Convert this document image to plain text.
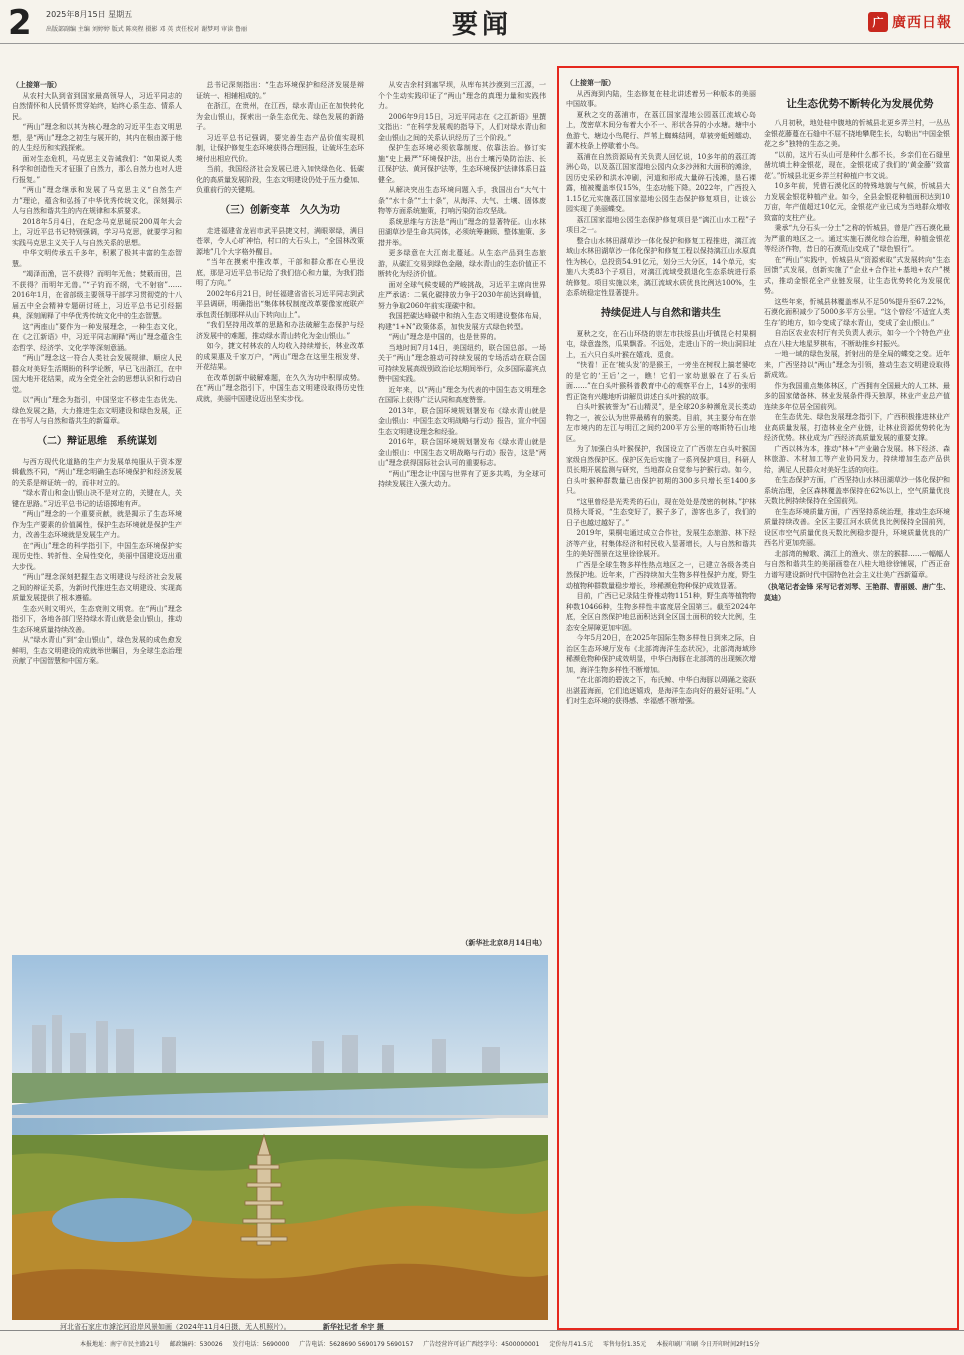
2 2025年8月15日 星期五
出版部副编 主编 刘婷婷 版式 陈奕程 摄影 邓 英 责任校对 谢梦珂 审读 鲁丽	要闻	广 廣西日報
（上接第一版）

从农村大队到省到国家最高领导人，习近平同志的自然情怀和人民情怀贯穿始终，始终心系生态、情系人民。

“两山”理念和以其为核心理念的习近平生态文明思想，是“两山”理念之初生与展开的，其内在根由源于他的人生经历和实践探索。

面对生态危机，马克思主义告诫我们：“如果说人类科学和创造性天才征服了自然力，那么自然力也对人进行报复。”

“两山”理念继承和发展了马克思主义“自然生产力”理论，蕴含和弘扬了中华优秀传统文化，深刻揭示人与自然和谐共生的内在规律和本质要求。

2018年5月4日，在纪念马克思诞辰200周年大会上，习近平总书记特别强调，学习马克思，就要学习和实践马克思主义关于人与自然关系的思想。

中华文明传承五千多年，积累了极其丰富的生态智慧。

“竭泽而渔，岂不获得？而明年无鱼；焚薮而田，岂不获得？而明年无兽。”“子钓而不纲，弋不射宿”……2016年1月，在省部级主要领导干部学习贯彻党的十八届五中全会精神专题研讨班上，习近平总书记引经据典，深刻阐释了中华优秀传统文化中的生态智慧。

这“两座山”要作为一种发展理念，一种生态文化，在《之江新语》中，习近平同志阐释“两山”理念蕴含生态哲学、经济学、文化学等深刻意涵。

“两山”理念这一符合人类社会发展规律、顺应人民群众对美好生活期盼的科学论断，早已飞出浙江，在中国大地开花结果，成为全党全社会的思想认识和行动自觉。

以“两山”理念为指引，中国坚定不移走生态优先、绿色发展之路，大力推进生态文明建设和绿色发展，正在书写人与自然和谐共生的新篇章。

（二）辩证思维　系统谋划

与西方现代化道路的生产力发展单纯服从于资本逻辑截然不同，“两山”理念明确生态环境保护和经济发展的关系是辩证统一的，而非对立的。

“绿水青山和金山银山决不是对立的，关键在人，关键在思路。”习近平总书记的话语掷地有声。

“两山”理念的一个重要贡献，就是揭示了生态环境作为生产要素的价值属性，保护生态环境就是保护生产力，改善生态环境就是发展生产力。

在“两山”理念的科学指引下，中国生态环境保护实现历史性、转折性、全局性变化，美丽中国建设迈出重大步伐。

“两山”理念深刻把握生态文明建设与经济社会发展之间的辩证关系，为新时代推进生态文明建设、实现高质量发展提供了根本遵循。

生态兴则文明兴，生态衰则文明衰。在“两山”理念指引下，各地各部门坚持绿水青山就是金山银山，推动生态环境质量持续改善。

从“绿水青山”到“金山银山”，绿色发展的成色愈发鲜明，生态文明建设的成就举世瞩目，为全球生态治理贡献了中国智慧和中国方案。

总书记深刻指出：“生态环境保护和经济发展是辩证统一、相辅相成的。”

在浙江，在贵州，在江西，绿水青山正在加快转化为金山银山，探索出一条生态优先、绿色发展的新路子。

习近平总书记强调，要完善生态产品价值实现机制，让保护修复生态环境获得合理回报，让破坏生态环境付出相应代价。

当前，我国经济社会发展已进入加快绿色化、低碳化的高质量发展阶段，生态文明建设仍处于压力叠加、负重前行的关键期。

（三）创新变革　久久为功

走进福建省龙岩市武平县捷文村，满眼翠绿，满目苍翠，令人心旷神怡，村口的大石头上，“全国林改策源地”几个大字格外醒目。

“当年在摸索中推改革，干部和群众都在心里没底，那是习近平总书记给了我们信心和力量，为我们指明了方向。”

2002年6月21日，时任福建省省长习近平同志到武平县调研，明确指出“集体林权制度改革要像家庭联产承包责任制那样从山下转向山上”。

“我们坚持用改革的思路和办法破解生态保护与经济发展中的难题，推动绿水青山转化为金山银山。”

如今，捷文村林农的人均收入持续增长，林业改革的成果惠及千家万户，“两山”理念在这里生根发芽、开花结果。

在改革创新中破解难题，在久久为功中积厚成势。在“两山”理念指引下，中国生态文明建设取得历史性成就，美丽中国建设迈出坚实步伐。

从安吉余村到塞罕坝，从库布其沙漠到三江源，一个个生动实践印证了“两山”理念的真理力量和实践伟力。

2006年9月15日，习近平同志在《之江新语》里撰文指出：“在科学发展观的指导下，人们对绿水青山和金山银山之间的关系认识经历了三个阶段。”

保护生态环境必须依靠制度、依靠法治。修订实施“史上最严”环境保护法，出台土壤污染防治法、长江保护法、黄河保护法等，生态环境保护法律体系日益健全。

从解决突出生态环境问题入手，我国出台“大气十条”“水十条”“土十条”，从海洋、大气、土壤、固体废物等方面系统施策，打响污染防治攻坚战。

系统思维与方法是“两山”理念的显著特征。山水林田湖草沙是生命共同体，必须统筹兼顾、整体施策、多措并举。

更多绿意在大江南北蔓延。从生态产品到生态旅游，从碳汇交易到绿色金融，绿水青山的生态价值正不断转化为经济价值。

面对全球气候变暖的严峻挑战，习近平主席向世界庄严承诺：二氧化碳排放力争于2030年前达到峰值，努力争取2060年前实现碳中和。

我国把碳达峰碳中和纳入生态文明建设整体布局，构建“1+N”政策体系，加快发展方式绿色转型。

“两山”理念是中国的，也是世界的。

当地时间7月14日，美国纽约，联合国总部。一场关于“两山”理念推动可持续发展的专场活动在联合国可持续发展高级别政治论坛期间举行，众多国际嘉宾点赞中国实践。

近年来，以“两山”理念为代表的中国生态文明理念在国际上获得广泛认同和高度赞誉。

2013年，联合国环境规划署发布《绿水青山就是金山银山：中国生态文明战略与行动》报告，宣介中国生态文明建设理念和经验。

2016年，联合国环境规划署发布《绿水青山就是金山银山：中国生态文明战略与行动》报告，这是“两山”理念获得国际社会认可的重要标志。

“两山”理念让中国与世界有了更多共鸣，为全球可持续发展注入强大动力。

（新华社北京8月14日电）
河北省石家庄市滹沱河沿岸风景如画（2024年11月4日摄，无人机照片）。	新华社记者 牟宇 摄
（上接第一版）

从西海到内陆，生态修复在桂北讲述着另一种版本的美丽中国故事。

夏秋之交的荔浦市，在荔江国家湿地公园荔江流域心岛上，茂密草木间分布着大小不一、形状各异的小水塘。塘中小鱼游弋、塘边小鸟爬行、芦苇上蜘蛛结网，草被旁蚯蚓蠕动、灌木枝条上停歇着小鸟。

荔浦在自然资源局有关负责人回忆说，10多年前的荔江湾洲心岛，以及荔江国家湿地公园内众多沙洲和大面积的滩涂，因历史采砂和洪水冲刷，河道和形成大量碎石浅滩，垦石裸露，植被覆盖率仅15%，生态功能下降。2022年，广西投入1.15亿元实施荔江国家湿地公园生态保护修复项目，让该公园实现了美丽蝶变。

荔江国家湿地公园生态保护修复项目是“漓江山水工程”子项目之一。

整合山水林田湖草沙一体化保护和修复工程推进，漓江流域山水林田湖草沙一体化保护和修复工程以保持漓江山水原真性为核心，总投资54.91亿元，划分三大分区，14个单元，实施八大类83个子项目，对漓江流域受损退化生态系统进行系统修复。项目实施以来，漓江流域水质优良比例达100%，生态系统稳定性显著提升。

持续促进人与自然和谐共生

夏秋之交，在石山环绕的崇左市扶绥县山圩镇昆仑村果桐屯，绿意盎然，瓜果飘香。不远处，走进山下的一块山洞旧址上，五六只白头叶猴在嬉戏、觅食。

“快看！正在‘梳头发’的是猴王，一旁坐在树杈上搞老婆吃的是它的‘王后’之一，瞧！它们一家幼崽躲在了石头后面……”在白头叶猴科普教育中心的观察平台上，14岁的张明哲正饶有兴趣地听讲解员讲述白头叶猴的故事。

白头叶猴被誉为“石山精灵”，是全球20多种濒危灵长类动物之一，被公认为世界最稀有的猴类。目前，其主要分布在崇左市境内的左江与明江之间约200平方公里的喀斯特石山地区。

为了加强白头叶猴保护，我国设立了广西崇左白头叶猴国家级自然保护区。保护区先后实施了一系列保护项目，科研人员长期开展监测与研究，当地群众自觉参与护猴行动。如今，白头叶猴种群数量已由保护初期的300多只增长至1400多只。

“这里曾经是光秃秃的石山，现在处处是茂密的树林。”护林员杨大哥说，“生态变好了，猴子多了，游客也多了，我们的日子也越过越好了。”

2019年，果桐屯通过成立合作社，发展生态旅游、林下经济等产业，村集体经济和村民收入显著增长，人与自然和谐共生的美好图景在这里徐徐展开。

广西是全球生物多样性热点地区之一，已建立各级各类自然保护地。近年来，广西持续加大生物多样性保护力度，野生动植物种群数量稳步增长，珍稀濒危物种保护成效显著。

目前，广西已记录陆生脊椎动物1151种，野生高等植物物种数10466种，生物多样性丰富度居全国第三。截至2024年底，全区自然保护地总面积达到全区国土面积的较大比例，生态安全屏障更加牢固。

今年5月20日，在2025年国际生物多样性日到来之际，自治区生态环境厅发布《北部湾海洋生态状况》，北部湾海域珍稀濒危物种保护成效明显，中华白海豚在北部湾的出现频次增加，海洋生物多样性不断增加。

“在北部湾的碧波之下，布氏鲸、中华白海豚以碍踊之姿跃出湛蓝海面，它们追逐嬉戏，是海洋生态向好的最好证明。”人们对生态环境的获得感、幸福感不断增强。

让生态优势不断转化为发展优势

八月初秋，地处桂中腹地的忻城县北更乡弄兰村，一丛丛金银花藤蔓在石缝中不屈不挠地攀爬生长，勾勒出“中国金银花之乡”独特的生态之美。

“以前，这片石头山可是种什么都不长，乡亲们在石缝里凿坑填土种金银花，现在，金银花成了我们的‘黄金藤’‘致富花’。”忻城县北更乡弄兰村种植户韦文说。

10多年前，凭借石漠化区的特殊地貌与气候，忻城县大力发展金银花种植产业。如今，全县金银花种植面积达到10万亩，年产值超过10亿元，金银花产业已成为当地群众增收致富的支柱产业。

秉承“九分石头一分土”之称的忻城县，曾是广西石漠化最为严重的地区之一。通过实施石漠化综合治理，种植金银花等经济作物，昔日的石漠荒山变成了“绿色银行”。

在“两山”实践中，忻城县从“资源索取”式发展转向“生态回馈”式发展，创新实施了“企业+合作社+基地+农户”模式，推动金银花全产业链发展，让生态优势转化为发展优势。

这些年来，忻城县林覆盖率从不足50%提升至67.22%，石漠化面积减少了5000多平方公里。“这个曾经‘不适宜人类生存’的地方，如今变成了绿水青山，变成了金山银山。”

自治区农业农村厅有关负责人表示，如今一个个特色产业点在八桂大地星罗棋布，不断助推乡村振兴。

一地一域的绿色发展，折射出的是全局的蝶变之变。近年来，广西坚持以“两山”理念为引领，推动生态文明建设取得新成效。

作为我国重点集体林区，广西拥有全国最大的人工林、最多的国家储备林、林业发展条件得天独厚，林业产业总产值连续多年位居全国前列。

在生态优先、绿色发展理念指引下，广西积极推进林业产业高质量发展，打造林业全产业链，让林业资源优势转化为经济优势。林业成为广西经济高质量发展的重要支撑。

广西以林为本，推动“林+”产业融合发展。林下经济、森林旅游、木材加工等产业协同发力，持续增加生态产品供给，满足人民群众对美好生活的向往。

在生态保护方面，广西坚持山水林田湖草沙一体化保护和系统治理，全区森林覆盖率保持在62%以上，空气质量优良天数比例持续保持在全国前列。

在生态环境质量方面，广西坚持系统治理，推动生态环境质量持续改善。全区主要江河水质优良比例保持全国前列，设区市空气质量优良天数比例稳步提升，环境质量优良的广西名片更加亮丽。

北部湾的鲸歌、漓江上的渔火、崇左的猴群……一幅幅人与自然和谐共生的美丽画卷在八桂大地徐徐铺展，广西正奋力谱写建设新时代中国特色社会主义壮美广西新篇章。

（执笔记者金锋 采写记者刘琴、王艳群、曹丽媛、唐广生、莫迪）
本报地址：南宁市民主路21号 邮政编码：530026 发行电话：5690000 广告电话：5628690 5690179 5690157 广告经营许可证广西经字号：4500000001 定价每月41.5元 零售每份1.35元 本报印刷厂印刷 今日开印时间2时15分
